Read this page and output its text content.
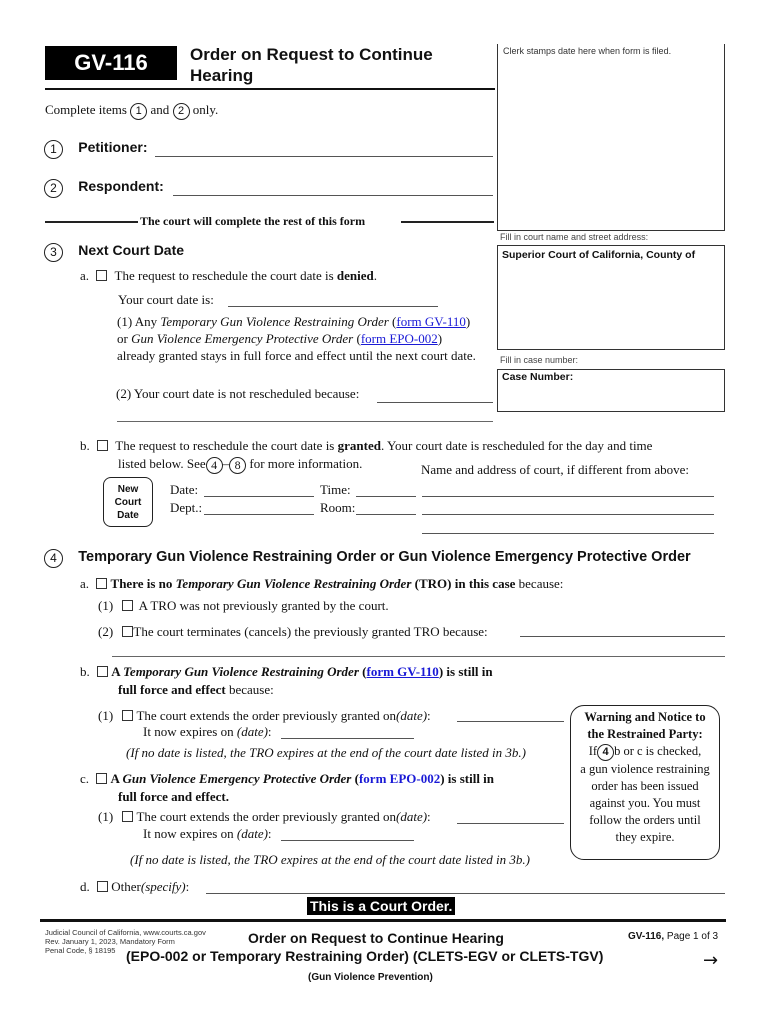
GV-116	Order on Request to Continue
Hearing
Complete items 1 and 2 only.
Clerk stamps date here when form is filed.
Fill in court name and street address:
Superior Court of California, County of
Fill in case number:
Case Number:
1 Petitioner:
2 Respondent:
The court will complete the rest of this form
3 Next Court Date
a. The request to reschedule the court date is denied.
Your court date is:
(1) Any Temporary Gun Violence Restraining Order (form GV-110) or Gun Violence Emergency Protective Order (form EPO-002) already granted stays in full force and effect until the next court date.
(2) Your court date is not rescheduled because:
b. The request to reschedule the court date is granted. Your court date is rescheduled for the day and time
listed below. See 4 – 8 for more information.	Name and address of court, if different from above:
New
Court
Date
Date:	Time:
Dept.:	Room:
4 Temporary Gun Violence Restraining Order or Gun Violence Emergency Protective Order
a. There is no Temporary Gun Violence Restraining Order (TRO) in this case because:
(1) A TRO was not previously granted by the court.
(2) The court terminates (cancels) the previously granted TRO because:
b. A Temporary Gun Violence Restraining Order (form GV-110) is still in
full force and effect because:
(1) The court extends the order previously granted on(date):
It now expires on (date):
(If no date is listed, the TRO expires at the end of the court date listed in 3b.)
c. A Gun Violence Emergency Protective Order (form EPO-002) is still in
full force and effect.
(1) The court extends the order previously granted on(date):
It now expires on (date):
(If no date is listed, the TRO expires at the end of the court date listed in 3b.)
d. Other(specify):
Warning and Notice to
the Restrained Party:
If 4 b or c is checked,
a gun violence restraining
order has been issued
against you. You must
follow the orders until
they expire.
This is a Court Order.
Judicial Council of California, www.courts.ca.gov
Rev. January 1, 2023, Mandatory Form
Penal Code, § 18195
Order on Request to Continue Hearing
(EPO-002 or Temporary Restraining Order) (CLETS-EGV or CLETS-TGV)
(Gun Violence Prevention)
GV-116, Page 1 of 3
→
